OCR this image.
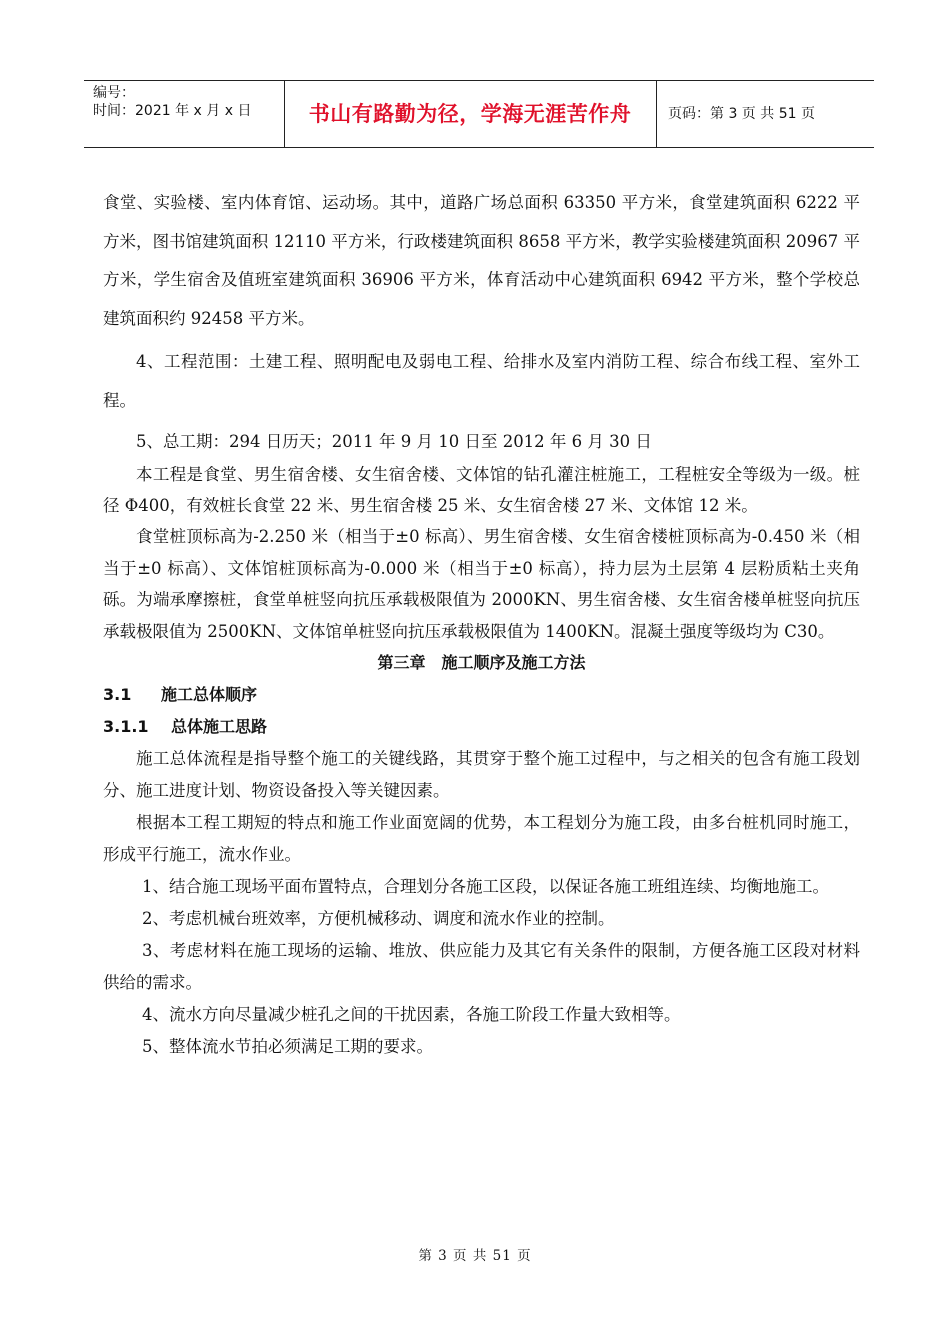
编号：
时间：2021 年 x 月 x 日	书山有路勤为径，学海无涯苦作舟	页码：第 3 页 共 51 页

食堂、实验楼、室内体育馆、运动场。其中，道路广场总面积 63350 平方米，食堂建筑面积 6222 平方米，图书馆建筑面积 12110 平方米，行政楼建筑面积 8658 平方米，教学实验楼建筑面积 20967 平方米，学生宿舍及值班室建筑面积 36906 平方米，体育活动中心建筑面积 6942 平方米，整个学校总建筑面积约 92458 平方米。

4、工程范围：土建工程、照明配电及弱电工程、给排水及室内消防工程、综合布线工程、室外工程。

5、总工期：294 日历天；2011 年 9 月 10 日至 2012 年 6 月 30 日

本工程是食堂、男生宿舍楼、女生宿舍楼、文体馆的钻孔灌注桩施工，工程桩安全等级为一级。桩径 Φ400，有效桩长食堂 22 米、男生宿舍楼 25 米、女生宿舍楼 27 米、文体馆 12 米。

食堂桩顶标高为-2.250 米（相当于±0 标高）、男生宿舍楼、女生宿舍楼桩顶标高为-0.450 米（相当于±0 标高）、文体馆桩顶标高为-0.000 米（相当于±0 标高），持力层为土层第 4 层粉质粘土夹角砾。为端承摩擦桩，食堂单桩竖向抗压承载极限值为 2000KN、男生宿舍楼、女生宿舍楼单桩竖向抗压承载极限值为 2500KN、文体馆单桩竖向抗压承载极限值为 1400KN。混凝土强度等级均为 C30。

第三章　施工顺序及施工方法
3.1 施工总体顺序
3.1.1 总体施工思路

施工总体流程是指导整个施工的关键线路，其贯穿于整个施工过程中，与之相关的包含有施工段划分、施工进度计划、物资设备投入等关键因素。

根据本工程工期短的特点和施工作业面宽阔的优势，本工程划分为施工段，由多台桩机同时施工，形成平行施工，流水作业。

1、结合施工现场平面布置特点，合理划分各施工区段，以保证各施工班组连续、均衡地施工。

2、考虑机械台班效率，方便机械移动、调度和流水作业的控制。

3、考虑材料在施工现场的运输、堆放、供应能力及其它有关条件的限制，方便各施工区段对材料供给的需求。

4、流水方向尽量减少桩孔之间的干扰因素，各施工阶段工作量大致相等。

5、整体流水节拍必须满足工期的要求。

第 3 页 共 51 页
